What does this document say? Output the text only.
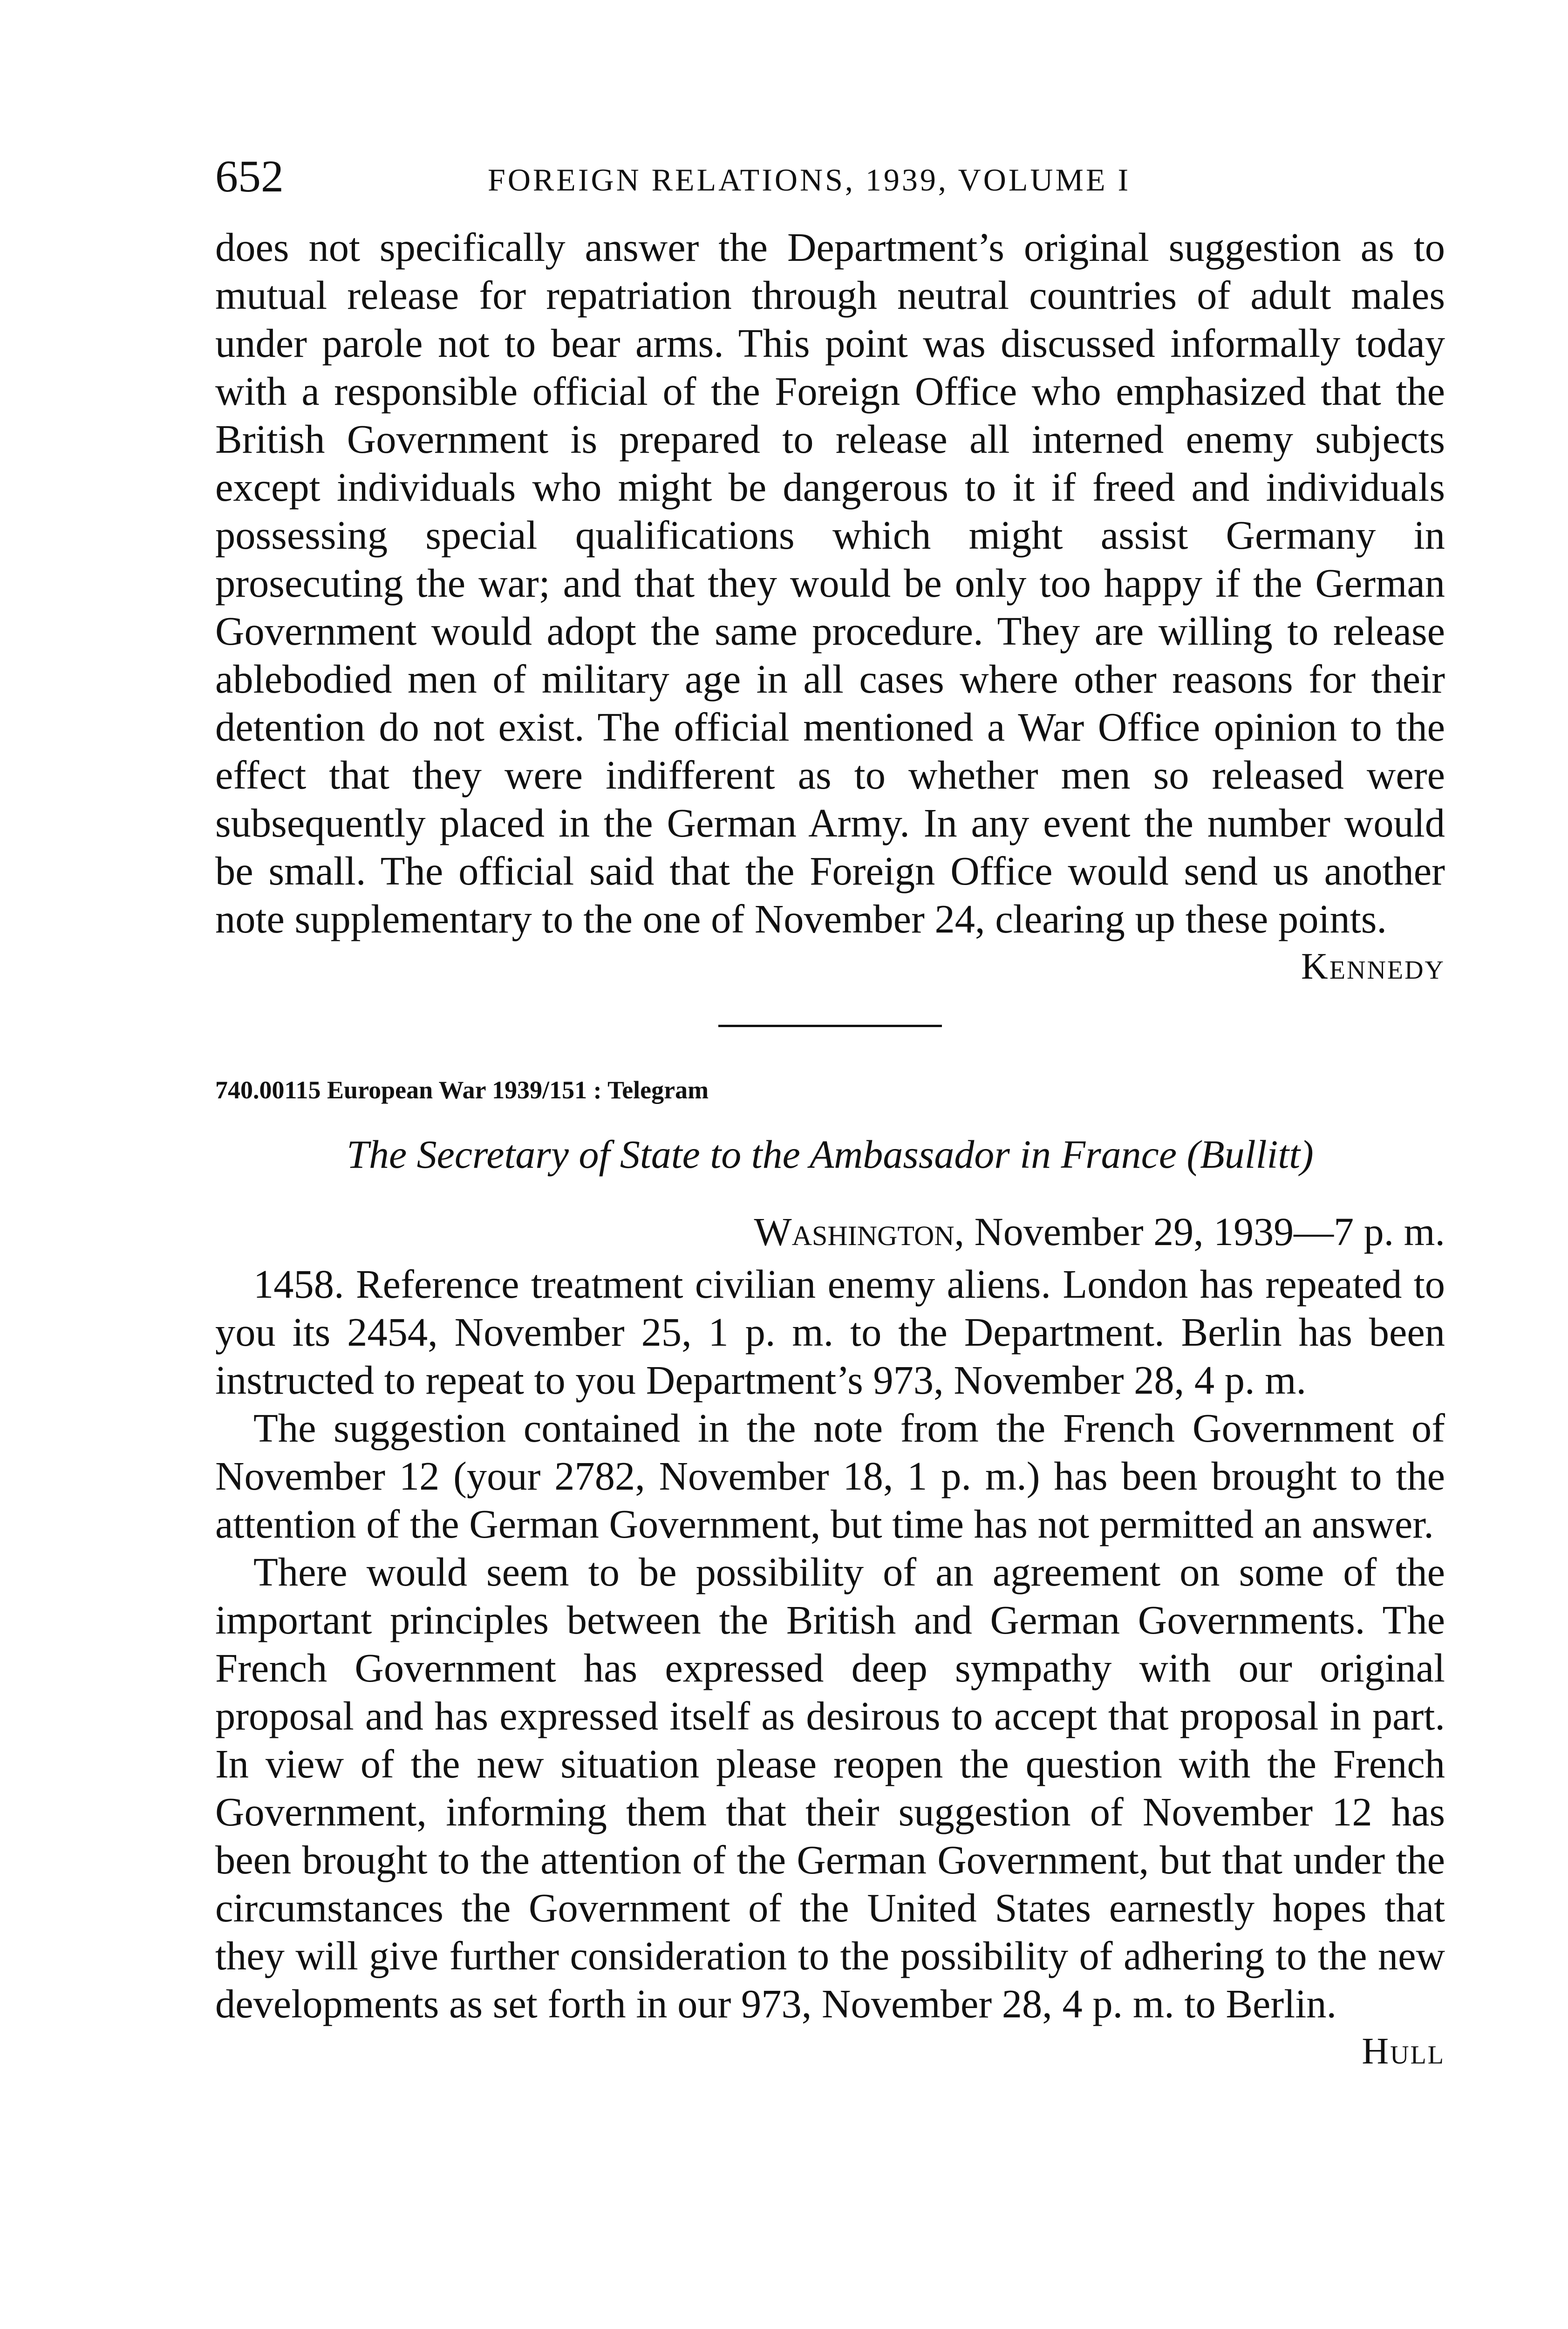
652	FOREIGN RELATIONS, 1939, VOLUME I

does not specifically answer the Department’s original suggestion as to mutual release for repatriation through neutral countries of adult males under parole not to bear arms. This point was discussed informally today with a responsible official of the Foreign Office who emphasized that the British Government is prepared to release all interned enemy subjects except individuals who might be dangerous to it if freed and individuals possessing special qualifications which might assist Germany in prosecuting the war; and that they would be only too happy if the German Government would adopt the same procedure. They are willing to release ablebodied men of military age in all cases where other reasons for their detention do not exist. The official mentioned a War Office opinion to the effect that they were indifferent as to whether men so released were subsequently placed in the German Army. In any event the number would be small. The official said that the Foreign Office would send us another note supplementary to the one of November 24, clearing up these points.

Kennedy

740.00115 European War 1939/151 : Telegram

The Secretary of State to the Ambassador in France (Bullitt)

Washington, November 29, 1939—7 p. m.

1458. Reference treatment civilian enemy aliens. London has repeated to you its 2454, November 25, 1 p. m. to the Department. Berlin has been instructed to repeat to you Department’s 973, November 28, 4 p. m.

The suggestion contained in the note from the French Government of November 12 (your 2782, November 18, 1 p. m.) has been brought to the attention of the German Government, but time has not permitted an answer.

There would seem to be possibility of an agreement on some of the important principles between the British and German Governments. The French Government has expressed deep sympathy with our original proposal and has expressed itself as desirous to accept that proposal in part. In view of the new situation please reopen the question with the French Government, informing them that their suggestion of November 12 has been brought to the attention of the German Government, but that under the circumstances the Government of the United States earnestly hopes that they will give further consideration to the possibility of adhering to the new developments as set forth in our 973, November 28, 4 p. m. to Berlin.

Hull
